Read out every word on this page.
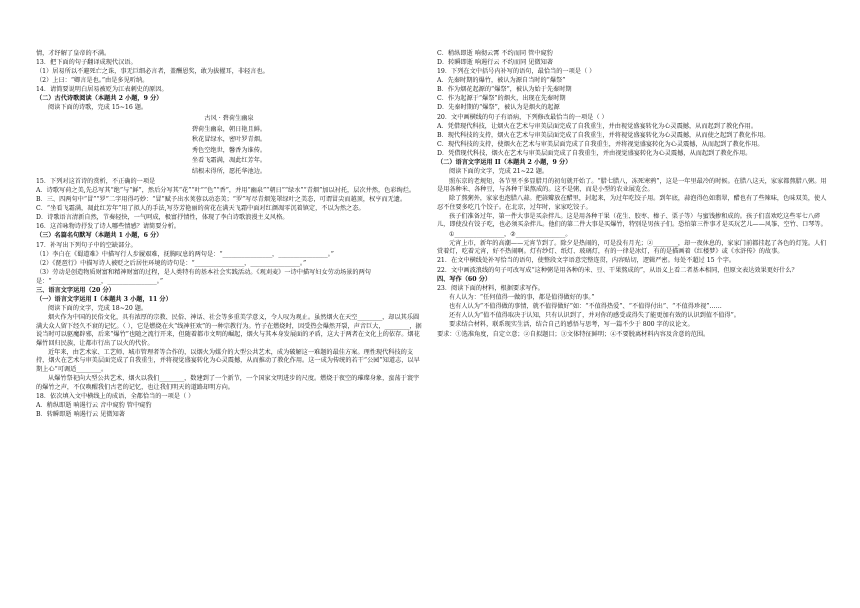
情，才纾解了皇帝的不满。

13．把下面的句子翻译成现代汉语。

（1）居易所以不避死亡之诛，事无巨细必言者，盖酬恩奖，敢为拔擢耳，非轻言也。

（2）上曰：“卿言是也。”由是多见听纳。

14．请简要说明白居易被贬为江表刺史的原因。

（二）古代诗歌阅读（本题共 2 小题，9 分）

阅读下面的诗歌，完成 15~16 题。

古风 · 碧荷生幽泉

碧荷生幽泉，朝日艳且鲜。

秋花冒绿水，密叶罗青烟。

秀色空绝世，馨香为谁传。

坐看飞霜满，凋此红芳年。

结根未得所，愿托华池边。

15．下列对这首诗的赏析，不正确的一项是

A．诗歌写荷之美,先总写其“绝”与“鲜”，然后分写其“花”“叶”“色”“香”，并用“幽泉”“朝日”“绿水”“青烟”加以衬托，层次井然，色彩绚烂。

B．三、四两句中“冒”“罗”二字用得巧妙：“冒”赋予出水荚蓉以动态美；“罗”写尽青烟笼罩绿叶之美态，可谓冒尖而越顶，权亨而无遗。

C．“坐看飞霜满，凋此红芳年”用了拟人的手法,写芬芳艳丽的荷花在满天飞霜中面对红颜凋零沉着镇定，不以为然之态。

D．诗歌语言清新自然，节奏轻快，一气呵成，极富抒情性，体现了李白诗歌浪漫主义风格。

16．这首咏物诗抒发了诗人哪些情感？请简要分析。

（三）名篇名句默写（本题共 1 小题，6 分）

17．补写出下列句子中的空缺部分。

（1）李白在《蜀道难》中描写行人步履艰难，抚胸叹息的两句是：“________________，________________。”

（2）《琵琶行》中描写诗人被贬之后居住环境的诗句是：“________________，________________。”

（3）劳动是创造物质财富和精神财富的过程，是人类特有的基本社会实践活动。《观刈麦》一诗中描写妇女劳动场景的两句是：“________________，________________。”

三、语言文字运用（20 分）

（一）语言文字运用 I（本题共 3 小题，11 分）

阅读下面的文字，完成 18~20 题。

烟火作为中国的民俗文化，具有浓厚的宗教、民俗、神话、社会等多重美学意义，令人叹为观止。虽然烟火在天空________，却以其乐圆满大众人留下经久不衰的记忆。（ ），它是燃烧在火“线神狂欢”的一种宗教行为。竹子在燃烧时，因受热会爆然开裂，声音巨大，________，据说当时可以驱魔辟邪，后来“爆竹”也随之流行开来，但随着都市文明的崛起，烟火与其本身发展面的矛盾，这大于两者在文化上的依存。烟花爆竹回归民族，让都市行出了以火的代价。

近年来，由艺术家、工艺师、城市管理者等合作的，以烟火为媒介的大型公共艺术，成为破解这一难题的最佳方案。理性现代科技的支持，烟火在艺术与审美层面完成了自我重生，并将视觉盛宴转化为心灵震撼，从而推动了教化作用。这一成为传统的若干“公园”知道志，以早期上心“可调适________。

从爆竹祭祀向大型公共艺术，烟火以我们________，数建到了一个新节，一个国家文明进步的尺度。燃烧于夜空的璀璨身象，蛮荡于寰宇的爆竹之声，不仅唤醒我们古老的记忆，也让我们明天的道路却明方向。

18．依次填入文中横线上的成语，全都恰当的一项是（ ）

A．稍纵即逝 响遏行云 音中窥豹 管中窥豹

B．转瞬即逝 响遏行云 见微知著

C．稍纵即逝 响彻云霄 不约而同 管中窥豹

D．转瞬即逝 响遏行云 不约而同 见微知著

19．下列在文中括号内补写的语句，最恰当的一项是（ ）

A．先秦时期的爆竹，被认为源自当时的“爆祭”

B．作为烟花起源的“爆祭”，被认为始于先秦时期

C．作为起源于“爆祭”的烟火，出现在先秦时期

D．先秦时期的“爆祭”，被认为是烟火的起源

20．文中画横线的句子有语病，下列修改最恰当的一项是（ ）

A．凭借现代科技，让烟火在艺术与审美层面完成了自我重生，并由视觉盛宴转化为心灵震撼，从而起到了教化作用。

B．现代科技的支持，烟火在艺术与审美层面完成了自我重生，并将视觉盛宴转化为心灵震撼，从而使之起到了教化作用。

C．现代科技的支持，使烟火在艺术与审美层面完成了自我重生，并将视觉盛宴转化为心灵震撼，从而起到了教化作用。

D．凭借现代科技，烟火在艺术与审美层面完成了自我重生，并由视觉盛宴转化为心灵震撼，从而起到了教化作用。

（二）语言文字运用 II（本题共 2 小题，9 分）

阅读下面的文字，完成 21~22 题。

照东京的老规矩，各节里不多显腊月的初旬就开始了。“腊七腊八，冻死寒鸦”，这是一年里最冷的时候。在腊八这天，家家都熬腊八粥。用是用各种米、各种豆，与各种干果熬成的。这不是粥，而是小型的农业展览会。

除了熬粥外，家家也泡腊八蒜。把蒜瓣放在醋里，封起来，为过年吃饺子用。到年底，蒜泡得色如翡翠，醋也有了些辣味，色味双美，使人忍不住要多吃几个饺子。在北京，过年时，家家吃饺子。

孩子们准备过年，第一件大事是买杂拌儿。这是用各种干果（花生、胶枣、榛子、栗子等）与蜜饯掺和成的。孩子们喜欢吃这些零七八碎儿，即使没有饺子吃，也必须买杂拌儿。他们的第二件大事是买爆竹，特别是男孩子们。恐怕第三件事才是买玩艺儿——风筝、空竹、口琴等。

①________________，②________________。

元宵上市，新年的高潮——元宵节到了。除夕是热闹的，可是没有月光；②________，却一夜休息的，家家门前都挂起了各色的灯笼。人们赏着灯，吃着元宵，好不热闹啊。灯有纱灯、纸灯、玻璃灯，有的一律是冰灯，有的是描画着《红楼梦》或《水浒传》的故事。

21．在文中横线处补写恰当的语句，使整段文字语意完整连贯，内容贴切，逻辑严密。每处不超过 15 个字。

22．文中画波浪线的句子可改写成“这种粥是用各种的米、豆、干果熬成的”，从语义上看二者基本相同，但原文表达效果更好什么？

四、写作（60 分）

23．阅读下面的材料，根据要求写作。

有人认为：“任何值得一做的事，都是值得做好的事。”

也有人认为“不值得做的事情，就不值得做好”如：“不值得热爱”、“不值得付出”、“不值得珍视”……

还有人认为“值不值得取决于认知，只有认识到了，并对你的感受或得失了能更加有效的认识到值不值得”。

要求结合材料，联系现实生活，结合自己的感悟与思考，写一篇不少于 800 字的议论文。

要求：①选准角度，自定立意；②自拟题目；③文体特征鲜明；④不要脱离材料内容及含意的范围。
